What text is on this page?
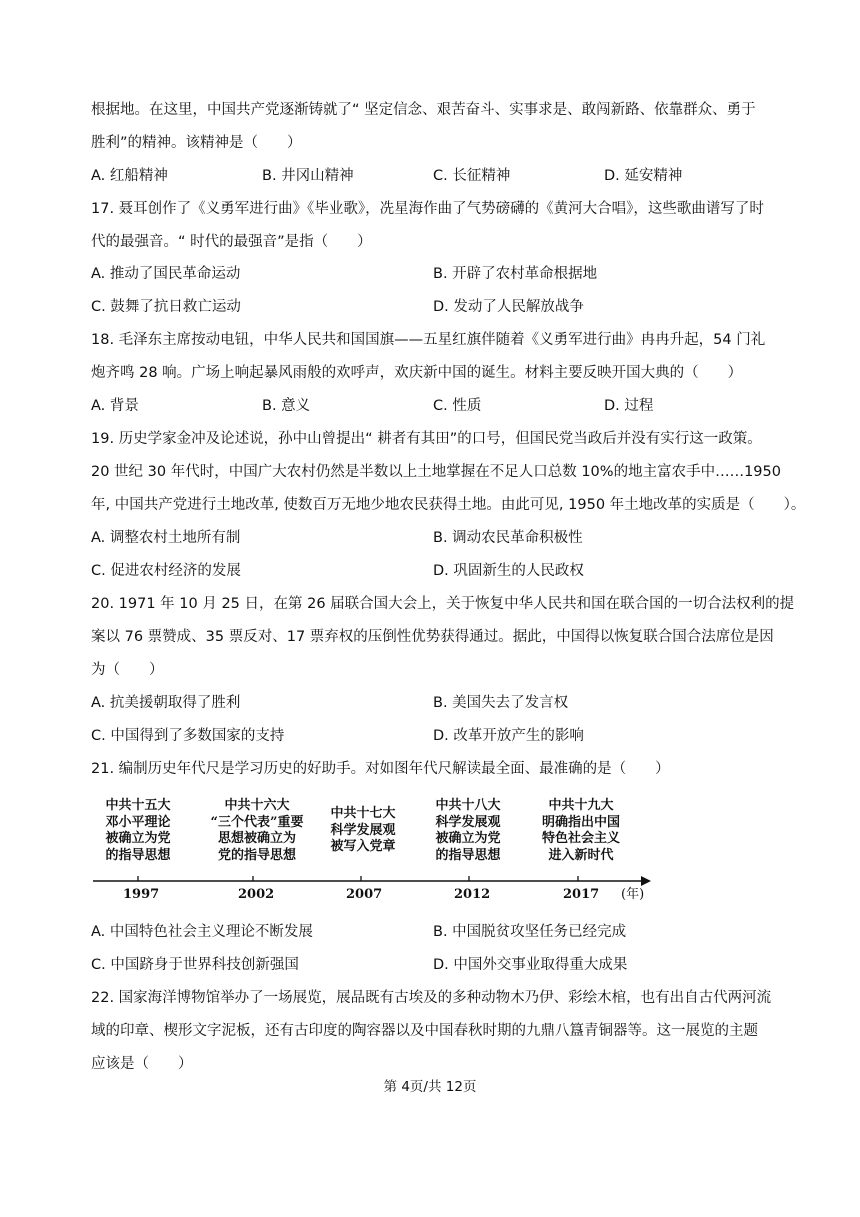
根据地。在这里，中国共产党逐渐铸就了“ 坚定信念、艰苦奋斗、实事求是、敢闯新路、依靠群众、勇于
胜利”的精神。该精神是（　　）
A. 红船精神	B. 井冈山精神	C. 长征精神	D. 延安精神
17. 聂耳创作了《义勇军进行曲》《毕业歌》，冼星海作曲了气势磅礴的《黄河大合唱》，这些歌曲谱写了时
代的最强音。“ 时代的最强音”是指（　　）
A. 推动了国民革命运动	B. 开辟了农村革命根据地
C. 鼓舞了抗日救亡运动	D. 发动了人民解放战争
18. 毛泽东主席按动电钮，中华人民共和国国旗——五星红旗伴随着《义勇军进行曲》冉冉升起，54 门礼
炮齐鸣 28 响。广场上响起暴风雨般的欢呼声，欢庆新中国的诞生。材料主要反映开国大典的（　　）
A. 背景	B. 意义	C. 性质	D. 过程
19. 历史学家金冲及论述说，孙中山曾提出“ 耕者有其田”的口号，但国民党当政后并没有实行这一政策。
20 世纪 30 年代时，中国广大农村仍然是半数以上土地掌握在不足人口总数 10%的地主富农手中……1950
年, 中国共产党进行土地改革, 使数百万无地少地农民获得土地。由此可见, 1950 年土地改革的实质是（　　）。
A. 调整农村土地所有制	B. 调动农民革命积极性
C. 促进农村经济的发展	D. 巩固新生的人民政权
20. 1971 年 10 月 25 日，在第 26 届联合国大会上，关于恢复中华人民共和国在联合国的一切合法权利的提
案以 76 票赞成、35 票反对、17 票弃权的压倒性优势获得通过。据此，中国得以恢复联合国合法席位是因
为（　　）
A. 抗美援朝取得了胜利	B. 美国失去了发言权
C. 中国得到了多数国家的支持	D. 改革开放产生的影响
21. 编制历史年代尺是学习历史的好助手。对如图年代尺解读最全面、最准确的是（　　）
中共十五大
邓小平理论
被确立为党
的指导思想
中共十六大
“三个代表”重要
思想被确立为
党的指导思想
中共十七大
科学发展观
被写入党章
中共十八大
科学发展观
被确立为党
的指导思想
中共十九大
明确指出中国
特色社会主义
进入新时代
1997	2002	2007	2012	2017 (年)
A. 中国特色社会主义理论不断发展	B. 中国脱贫攻坚任务已经完成
C. 中国跻身于世界科技创新强国	D. 中国外交事业取得重大成果
22. 国家海洋博物馆举办了一场展览，展品既有古埃及的多种动物木乃伊、彩绘木棺，也有出自古代两河流
域的印章、楔形文字泥板，还有古印度的陶容器以及中国春秋时期的九鼎八簋青铜器等。这一展览的主题
应该是（　　）
第 4页/共 12页
